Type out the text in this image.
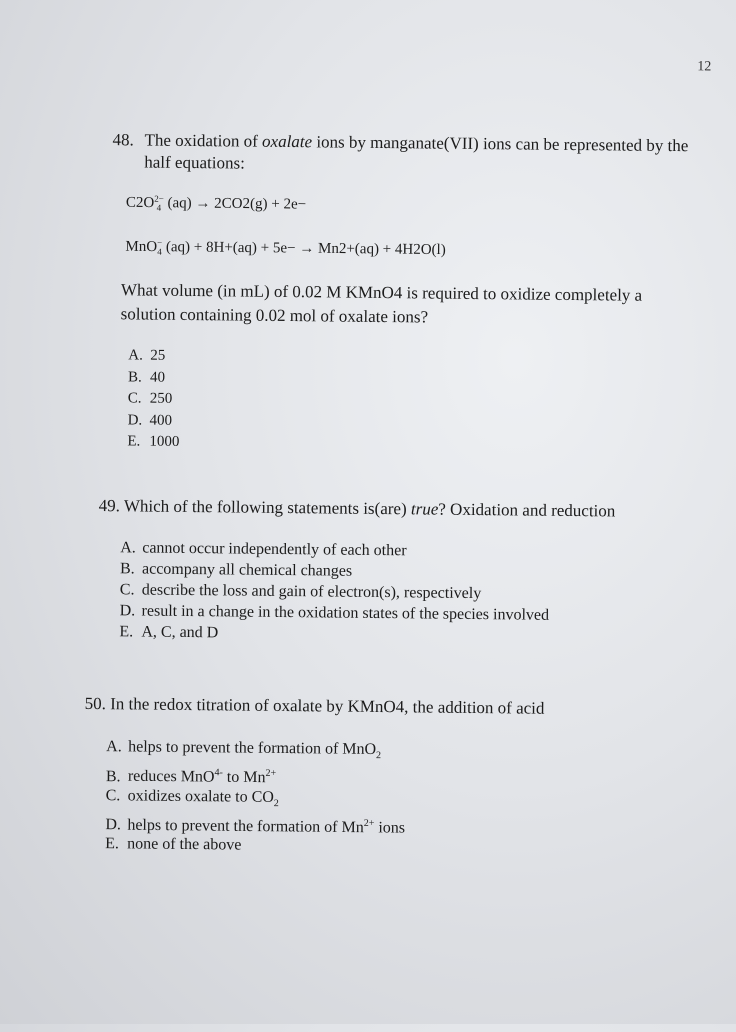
12
48. The oxidation of oxalate ions by manganate(VII) ions can be represented by the
half equations:
C2O2−
4 (aq) → 2CO2(g) + 2e−
MnO−
4 (aq) + 8H+(aq) + 5e− → Mn2+(aq) + 4H2O(l)
What volume (in mL) of 0.02 M KMnO4 is required to oxidize completely a
solution containing 0.02 mol of oxalate ions?
A. 25
B. 40
C. 250
D. 400
E. 1000
49. Which of the following statements is(are) true? Oxidation and reduction
A. cannot occur independently of each other
B. accompany all chemical changes
C. describe the loss and gain of electron(s), respectively
D. result in a change in the oxidation states of the species involved
E. A, C, and D
50. In the redox titration of oxalate by KMnO4, the addition of acid
A. helps to prevent the formation of MnO$_2$
B. reduces MnO$^{4-}$ to $Mn^{2+}$
C. oxidizes oxalate to $CO_2$
D. helps to prevent the formation of $Mn^{2+}$ ions
E. none of the above
